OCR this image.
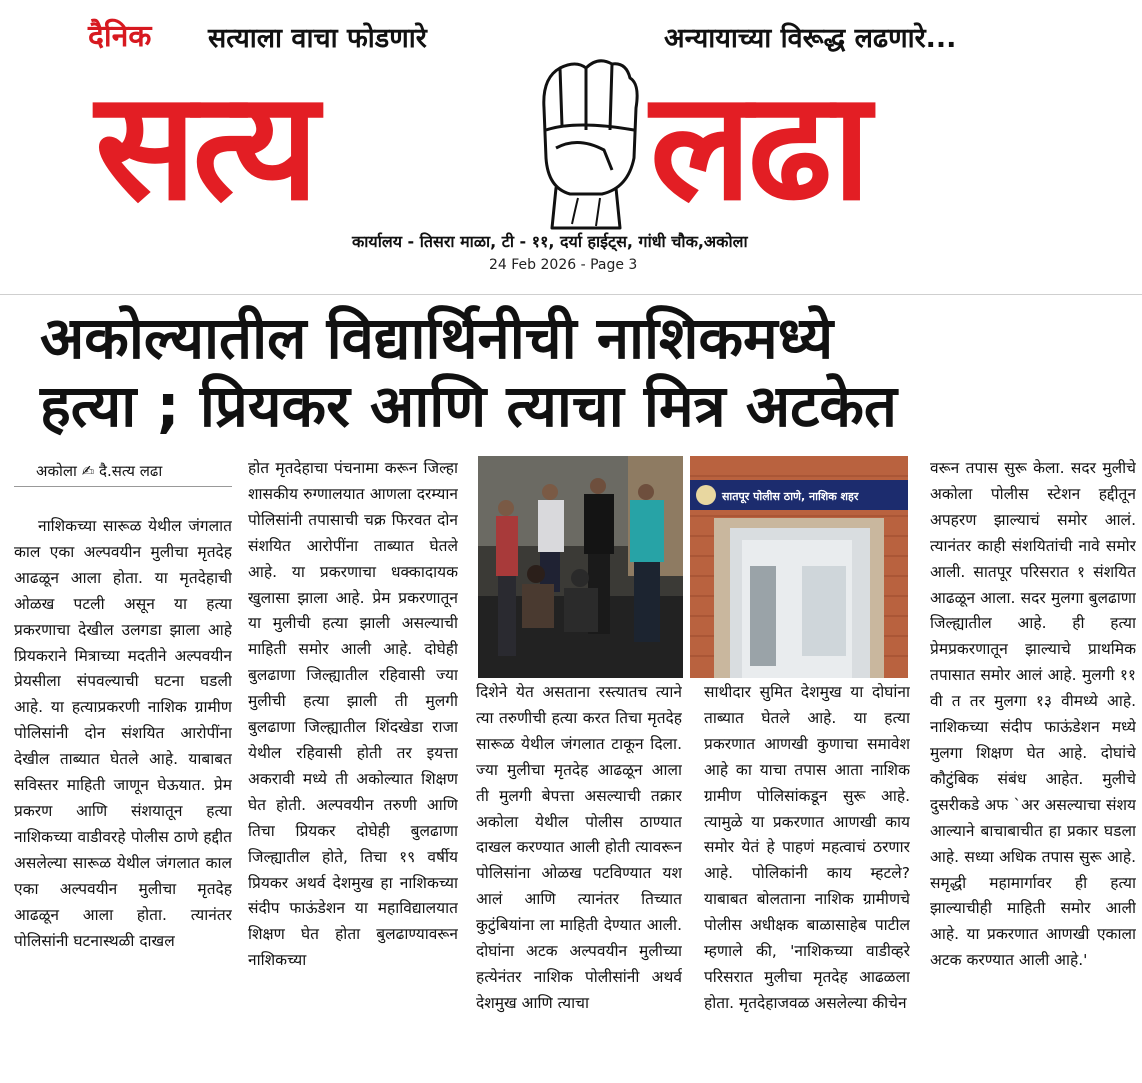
दैनिक सत्याला वाचा फोडणारे	अन्यायाच्या विरूद्ध लढणारे...
सत्य लढा
कार्यालय - तिसरा माळा, टी - ११, दर्या हाईट्स, गांधी चौक,अकोला
24 Feb 2026 - Page 3
अकोल्यातील विद्यार्थिनीची नाशिकमध्ये
हत्या ; प्रियकर आणि त्याचा मित्र अटकेत
अकोला ✍ दै.सत्य लढा

नाशिकच्या सारूळ येथील जंगलात काल एका अल्पवयीन मुलीचा मृतदेह आढळून आला होता. या मृतदेहाची ओळख पटली असून या हत्या प्रकरणाचा देखील उलगडा झाला आहे प्रियकराने मित्राच्या मदतीने अल्पवयीन प्रेयसीला संपवल्याची घटना घडली आहे. या हत्याप्रकरणी नाशिक ग्रामीण पोलिसांनी दोन संशयित आरोपींना देखील ताब्यात घेतले आहे. याबाबत सविस्तर माहिती जाणून घेऊयात. प्रेम प्रकरण आणि संशयातून हत्या नाशिकच्या वाडीवरहे पोलीस ठाणे हद्दीत असलेल्या सारूळ येथील जंगलात काल एका अल्पवयीन मुलीचा मृतदेह आढळून आला होता. त्यानंतर पोलिसांनी घटनास्थळी दाखल

होत मृतदेहाचा पंचनामा करून जिल्हा शासकीय रुग्णालयात आणला दरम्यान पोलिसांनी तपासाची चक्र फिरवत दोन संशयित आरोपींना ताब्यात घेतले आहे. या प्रकरणाचा धक्कादायक खुलासा झाला आहे. प्रेम प्रकरणातून या मुलीची हत्या झाली असल्याची माहिती समोर आली आहे. दोघेही बुलढाणा जिल्ह्यातील रहिवासी ज्या मुलीची हत्या झाली ती मुलगी बुलढाणा जिल्ह्यातील शिंदखेडा राजा येथील रहिवासी होती तर इयत्ता अकरावी मध्ये ती अकोल्यात शिक्षण घेत होती. अल्पवयीन तरुणी आणि तिचा प्रियकर दोघेही बुलढाणा जिल्ह्यातील होते, तिचा १९ वर्षीय प्रियकर अथर्व देशमुख हा नाशिकच्या संदीप फाऊंडेशन या महाविद्यालयात शिक्षण घेत होता बुलढाण्यावरून नाशिकच्या

सातपूर पोलीस ठाणे, नाशिक शहर

दिशेने येत असताना रस्त्यातच त्याने त्या तरुणीची हत्या करत तिचा मृतदेह सारूळ येथील जंगलात टाकून दिला. ज्या मुलीचा मृतदेह आढळून आला ती मुलगी बेपत्ता असल्याची तक्रार अकोला येथील पोलीस ठाण्यात दाखल करण्यात आली होती त्यावरून पोलिसांना ओळख पटविण्यात यश आलं आणि त्यानंतर तिच्यात कुटुंबियांना ला माहिती देण्यात आली. दोघांना अटक अल्पवयीन मुलीच्या हत्येनंतर नाशिक पोलीसांनी अथर्व देशमुख आणि त्याचा

साथीदार सुमित देशमुख या दोघांना ताब्यात घेतले आहे. या हत्या प्रकरणात आणखी कुणाचा समावेश आहे का याचा तपास आता नाशिक ग्रामीण पोलिसांकडून सुरू आहे. त्यामुळे या प्रकरणात आणखी काय समोर येतं हे पाहणं महत्वाचं ठरणार आहे. पोलिकांनी काय म्हटले? याबाबत बोलताना नाशिक ग्रामीणचे पोलीस अधीक्षक बाळासाहेब पाटील म्हणाले की, 'नाशिकच्या वाडीव्हरे परिसरात मुलीचा मृतदेह आढळला होता. मृतदेहाजवळ असलेल्या कीचेन

वरून तपास सुरू केला. सदर मुलीचे अकोला पोलीस स्टेशन हद्दीतून अपहरण झाल्याचं समोर आलं. त्यानंतर काही संशयितांची नावे समोर आली. सातपूर परिसरात १ संशयित आढळून आला. सदर मुलगा बुलढाणा जिल्ह्यातील आहे. ही हत्या प्रेमप्रकरणातून झाल्याचे प्राथमिक तपासात समोर आलं आहे. मुलगी ११ वी त तर मुलगा १३ वीमध्ये आहे. नाशिकच्या संदीप फाऊंडेशन मध्ये मुलगा शिक्षण घेत आहे. दोघांचे कौटुंबिक संबंध आहेत. मुलीचे दुसरीकडे अफ `अर असल्याचा संशय आल्याने बाचाबाचीत हा प्रकार घडला आहे. सध्या अधिक तपास सुरू आहे. समृद्धी महामार्गावर ही हत्या झाल्याचीही माहिती समोर आली आहे. या प्रकरणात आणखी एकाला अटक करण्यात आली आहे.'
